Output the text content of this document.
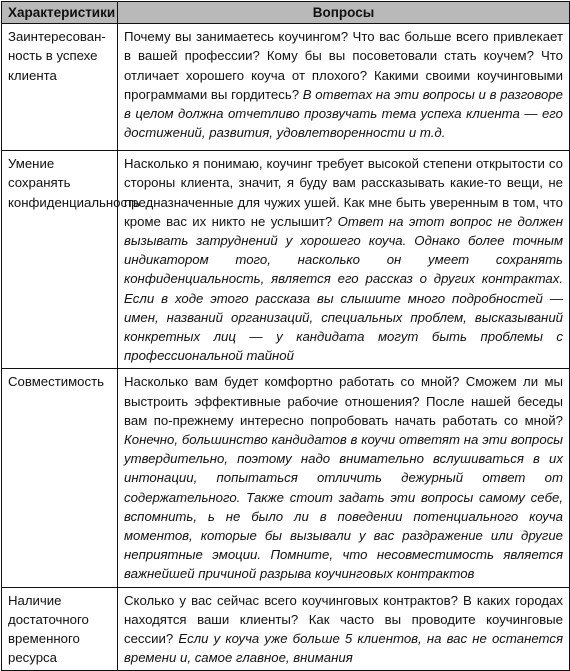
Характеристики	Вопросы
Заинтересован-ность в успехе клиента	Почему вы занимаетесь коучингом? Что вас больше всего привлекает в вашей профессии? Кому бы вы посоветовали стать коучем? Что отличает хорошего коуча от плохого? Какими своими коучинговыми программами вы гордитесь? В ответах на эти вопросы и в разговоре в целом должна отчетливо прозвучать тема успеха клиента — его достижений, развития, удовлетворенности и т.д.
Умение сохранять конфиденциальность	Насколько я понимаю, коучинг требует высокой степени открытости со стороны клиента, значит, я буду вам рассказывать какие-то вещи, не предназначенные для чужих ушей. Как мне быть уверенным в том, что кроме вас их никто не услышит? Ответ на этот вопрос не должен вызывать затруднений у хорошего коуча. Однако более точным индикатором того, насколько он умеет сохранять конфиденциальность, является его рассказ о других контрактах. Если в ходе этого рассказа вы слышите много подробностей — имен, названий организаций, специальных проблем, высказываний конкретных лиц — у кандидата могут быть проблемы с профессиональной тайной
Совместимость	Насколько вам будет комфортно работать со мной? Сможем ли мы выстроить эффективные рабочие отношения? После нашей беседы вам по-прежнему интересно попробовать начать работать со мной? Конечно, большинство кандидатов в коучи ответят на эти вопросы утвердительно, поэтому надо внимательно вслушиваться в их интонации, попытаться отличить дежурный ответ от содержательного. Также стоит задать эти вопросы самому себе, вспомнить, ь не было ли в поведении потенциального коуча моментов, которые бы вызывали у вас раздражение или другие неприятные эмоции. Помните, что несовместимость является важнейшей причиной разрыва коучинговых контрактов
Наличие достаточного временного ресурса	Сколько у вас сейчас всего коучинговых контрактов? В каких городах находятся ваши клиенты? Как часто вы проводите коучинговые сессии? Если у коуча уже больше 5 клиентов, на вас не останется времени и, самое главное, внимания
